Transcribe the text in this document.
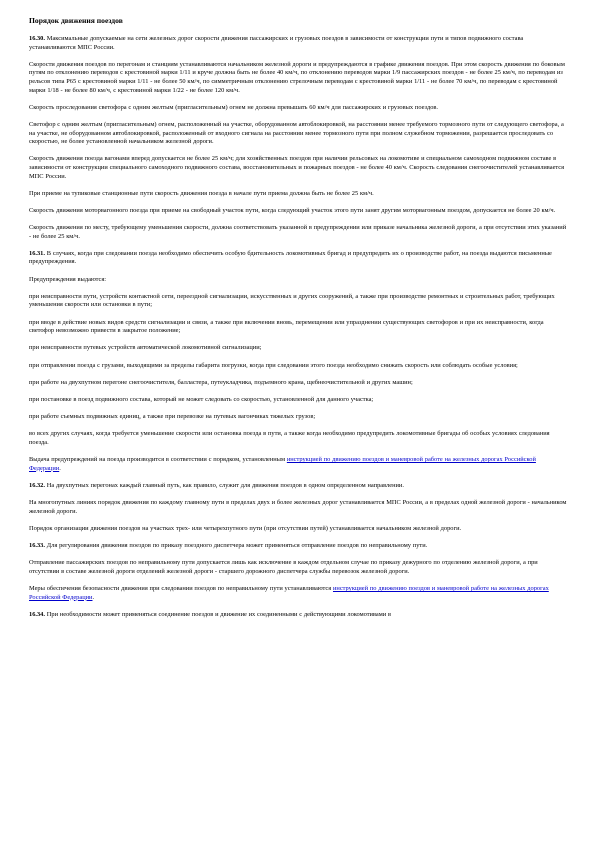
Порядок движения поездов
16.30. Максимальные допускаемые на сети железных дорог скорости движения пассажирских и грузовых поездов в зависимости от конструкции пути и типов подвижного состава устанавливаются МПС России.
Скорости движения поездов по перегонам и станциям устанавливаются начальником железной дороги и предупреждаются в графике движения поездов. При этом скорость движения по боковым путям по отклонению переводов с крестовиной марки 1/11 и круче должна быть не более 40 км/ч, по отклонению переводов марки 1/9 пассажирских поездов - не более 25 км/ч, по переводам из рельсов типа Р65 с крестовиной марки 1/11 - не более 50 км/ч, по симметричным отклонению стрелочным переводам с крестовиной марки 1/11 - не более 70 км/ч, по переводам с крестовиной марки 1/18 - не более 80 км/ч, с крестовиной марки 1/22 - не более 120 км/ч.
Скорость проследования светофора с одним желтым (пригласительным) огнем не должна превышать 60 км/ч для пассажирских и грузовых поездов.
Светофор с одним желтым (пригласительным) огнем, расположенный на участке, оборудованном автоблокировкой, на расстоянии менее требуемого тормозного пути от следующего светофора, а на участке, не оборудованном автоблокировкой, расположенный от входного сигнала на расстоянии менее тормозного пути при полном служебном торможении, разрешается проследовать со скоростью, не более установленной начальником железной дороги.
Скорость движения поезда вагонами вперед допускается не более 25 км/ч; для хозяйственных поездов при наличии рельсовых на локомотиве и специальном самоходном подвижном составе в зависимости от конструкции специального самоходного подвижного состава, восстановительных и пожарных поездов - не более 40 км/ч. Скорость следования снегоочистителей устанавливается МПС России.
При приеме на тупиковые станционные пути скорость движения поезда в начале пути приема должна быть не более 25 км/ч.
Скорость движения моторвагонного поезда при приеме на свободный участок пути, когда следующий участок этого пути занят другим моторвагонным поездом, допускается не более 20 км/ч.
Скорость движения по месту, требующему уменьшения скорости, должна соответствовать указанной в предупреждении или приказе начальника железной дороги, а при отсутствии этих указаний - не более 25 км/ч.
16.31. В случаях, когда при следовании поезда необходимо обеспечить особую бдительность локомотивных бригад и предупредить их о производстве работ, на поезда выдаются письменные предупреждения.
Предупреждения выдаются:
при неисправности пути, устройств контактной сети, переездной сигнализации, искусственных и других сооружений, а также при производстве ремонтных и строительных работ, требующих уменьшения скорости или остановки в пути;
при вводе в действие новых видов средств сигнализации и связи, а также при включении вновь, перемещении или упразднении существующих светофоров и при их неисправности, когда светофор невозможно привести в закрытое положение;
при неисправности путевых устройств автоматической локомотивной сигнализации;
при отправлении поезда с грузами, выходящими за пределы габарита погрузки, когда при следовании этого поезда необходимо снижать скорость или соблюдать особые условия;
при работе на двухпутном перегоне снегоочистителя, балластера, путеукладчика, подъемного крана, щебнеочистительной и других машин;
при постановке в поезд подвижного состава, который не может следовать со скоростью, установленной для данного участка;
при работе съемных подвижных единиц, а также при перевозке на путевых вагончиках тяжелых грузов;
во всех других случаях, когда требуется уменьшение скорости или остановка поезда в пути, а также когда необходимо предупредить локомотивные бригады об особых условиях следования поезда.
Выдача предупреждений на поезда производится в соответствии с порядком, установленным инструкцией по движению поездов и маневровой работе на железных дорогах Российской Федерации.
16.32. На двухпутных перегонах каждый главный путь, как правило, служит для движения поездов в одном определенном направлении.
На многопутных линиях порядок движения по каждому главному пути в пределах двух и более железных дорог устанавливается МПС России, а в пределах одной железной дороги - начальником железной дороги.
Порядок организации движения поездов на участках трех- или четырехпутного пути (при отсутствии путей) устанавливается начальником железной дороги.
16.33. Для регулирования движения поездов по приказу поездного диспетчера может применяться отправление поездов по неправильному пути.
Отправление пассажирских поездов по неправильному пути допускается лишь как исключение в каждом отдельном случае по приказу дежурного по отделению железной дороги, а при отсутствии в составе железной дороги отделений железной дороги - старшего дорожного диспетчера службы перевозок железной дороги.
Меры обеспечения безопасности движения при следовании поездов по неправильному пути устанавливаются инструкцией по движению поездов и маневровой работе на железных дорогах Российской Федерации.
16.34. При необходимости может применяться соединение поездов и движение их соединенными с действующими локомотивами в
